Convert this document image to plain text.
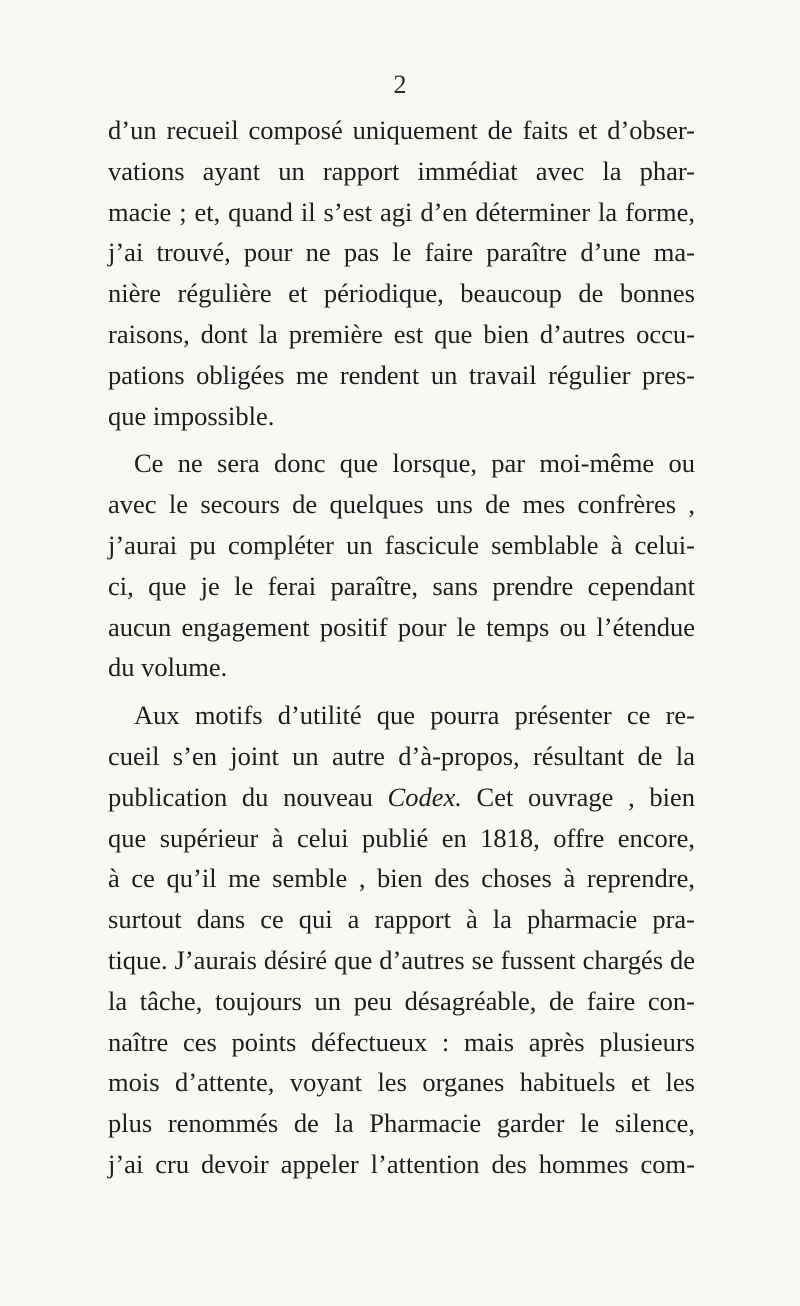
2
d’un recueil composé uniquement de faits et d’obser-
vations ayant un rapport immédiat avec la phar-
macie ; et, quand il s’est agi d’en déterminer la forme,
j’ai trouvé, pour ne pas le faire paraître d’une ma-
nière régulière et périodique, beaucoup de bonnes
raisons, dont la première est que bien d’autres occu-
pations obligées me rendent un travail régulier pres-
que impossible.
Ce ne sera donc que lorsque, par moi-même ou
avec le secours de quelques uns de mes confrères ,
j’aurai pu compléter un fascicule semblable à celui-
ci, que je le ferai paraître, sans prendre cependant
aucun engagement positif pour le temps ou l’étendue
du volume.
Aux motifs d’utilité que pourra présenter ce re-
cueil s’en joint un autre d’à-propos, résultant de la
publication du nouveau Codex. Cet ouvrage , bien
que supérieur à celui publié en 1818, offre encore,
à ce qu’il me semble , bien des choses à reprendre,
surtout dans ce qui a rapport à la pharmacie pra-
tique. J’aurais désiré que d’autres se fussent chargés de
la tâche, toujours un peu désagréable, de faire con-
naître ces points défectueux : mais après plusieurs
mois d’attente, voyant les organes habituels et les
plus renommés de la Pharmacie garder le silence,
j’ai cru devoir appeler l’attention des hommes com-
